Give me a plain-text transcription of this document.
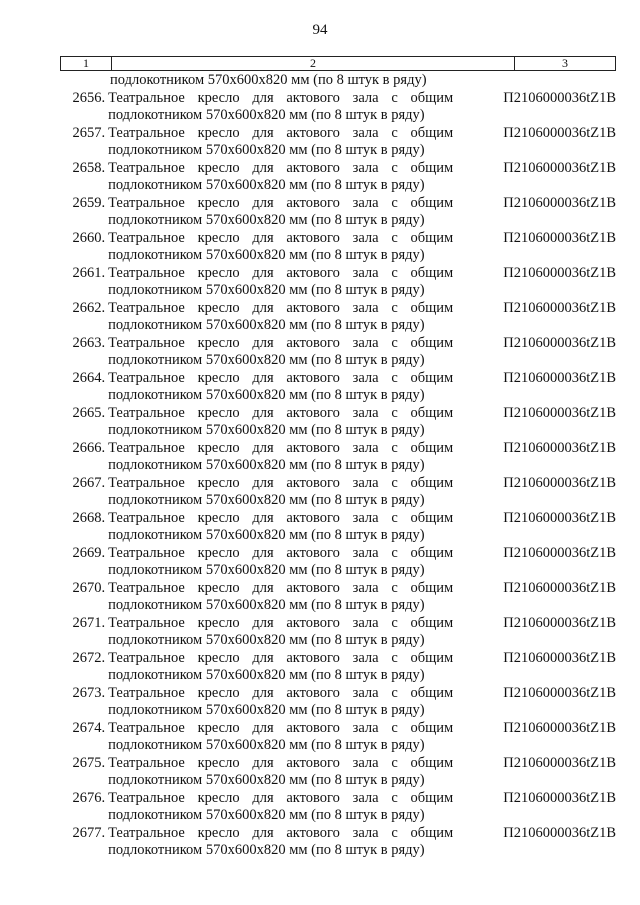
94
1	2	3
подлокотником 570х600х820 мм (по 8 штук в ряду)
2656. Театральное кресло для актового зала с общим
подлокотником 570х600х820 мм (по 8 штук в ряду)
П2106000036tZ1B
2657. Театральное кресло для актового зала с общим
подлокотником 570х600х820 мм (по 8 штук в ряду)
П2106000036tZ1B
2658. Театральное кресло для актового зала с общим
подлокотником 570х600х820 мм (по 8 штук в ряду)
П2106000036tZ1B
2659. Театральное кресло для актового зала с общим
подлокотником 570х600х820 мм (по 8 штук в ряду)
П2106000036tZ1B
2660. Театральное кресло для актового зала с общим
подлокотником 570х600х820 мм (по 8 штук в ряду)
П2106000036tZ1B
2661. Театральное кресло для актового зала с общим
подлокотником 570х600х820 мм (по 8 штук в ряду)
П2106000036tZ1B
2662. Театральное кресло для актового зала с общим
подлокотником 570х600х820 мм (по 8 штук в ряду)
П2106000036tZ1B
2663. Театральное кресло для актового зала с общим
подлокотником 570х600х820 мм (по 8 штук в ряду)
П2106000036tZ1B
2664. Театральное кресло для актового зала с общим
подлокотником 570х600х820 мм (по 8 штук в ряду)
П2106000036tZ1B
2665. Театральное кресло для актового зала с общим
подлокотником 570х600х820 мм (по 8 штук в ряду)
П2106000036tZ1B
2666. Театральное кресло для актового зала с общим
подлокотником 570х600х820 мм (по 8 штук в ряду)
П2106000036tZ1B
2667. Театральное кресло для актового зала с общим
подлокотником 570х600х820 мм (по 8 штук в ряду)
П2106000036tZ1B
2668. Театральное кресло для актового зала с общим
подлокотником 570х600х820 мм (по 8 штук в ряду)
П2106000036tZ1B
2669. Театральное кресло для актового зала с общим
подлокотником 570х600х820 мм (по 8 штук в ряду)
П2106000036tZ1B
2670. Театральное кресло для актового зала с общим
подлокотником 570х600х820 мм (по 8 штук в ряду)
П2106000036tZ1B
2671. Театральное кресло для актового зала с общим
подлокотником 570х600х820 мм (по 8 штук в ряду)
П2106000036tZ1B
2672. Театральное кресло для актового зала с общим
подлокотником 570х600х820 мм (по 8 штук в ряду)
П2106000036tZ1B
2673. Театральное кресло для актового зала с общим
подлокотником 570х600х820 мм (по 8 штук в ряду)
П2106000036tZ1B
2674. Театральное кресло для актового зала с общим
подлокотником 570х600х820 мм (по 8 штук в ряду)
П2106000036tZ1B
2675. Театральное кресло для актового зала с общим
подлокотником 570х600х820 мм (по 8 штук в ряду)
П2106000036tZ1B
2676. Театральное кресло для актового зала с общим
подлокотником 570х600х820 мм (по 8 штук в ряду)
П2106000036tZ1B
2677. Театральное кресло для актового зала с общим
подлокотником 570х600х820 мм (по 8 штук в ряду)
П2106000036tZ1B
